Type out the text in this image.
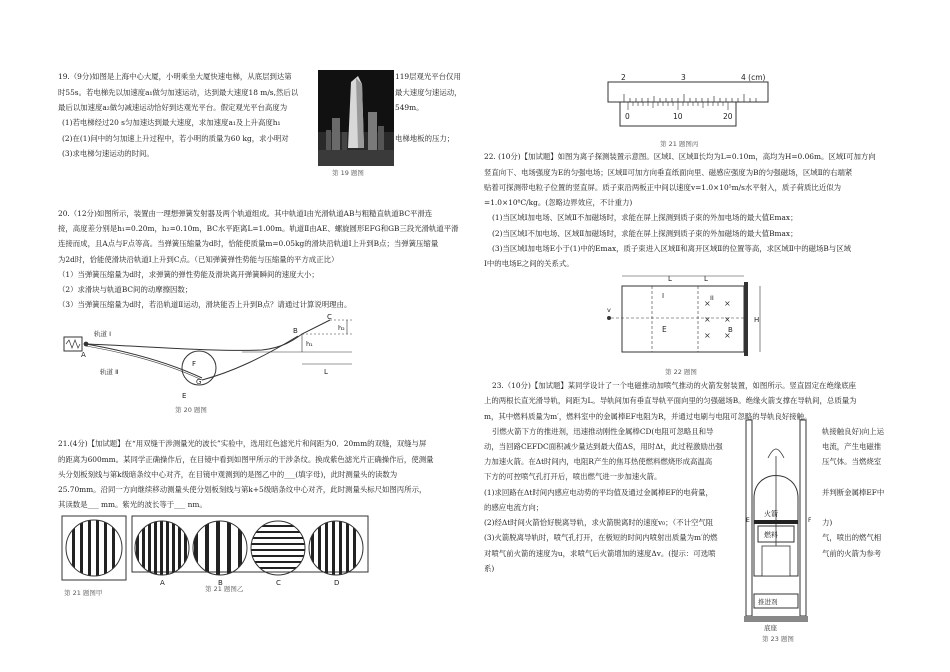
19.（9分)如图是上海中心大厦，小明乘坐大厦快速电梯，从底层到达第

时55s。若电梯先以加速度a₁做匀加速运动，达到最大速度18 m/s,然后以

最后以加速度a₂做匀减速运动恰好到达观光平台。假定观光平台高度为

(1)若电梯经过20 s匀加速达到最大速度，求加速度a₁及上升高度h₁

(2)在(1)问中的匀加速上升过程中，若小明的质量为60 kg，求小明对

(3)求电梯匀速运动的时间。

119层观光平台仅用

最大速度匀速运动，

549m。

电梯地板的压力；

第 19 题图

20.（12分)如图所示，装置由一理想弹簧发射器及两个轨道组成。其中轨道Ⅰ由光滑轨道AB与粗糙直轨道BC平滑连

接，高度差分别是h₁=0.20m，h₂=0.10m，BC水平距离L=1.00m。轨道Ⅱ由AE、螺旋圆形EFG和GB三段光滑轨道平滑

连接而成，且A点与F点等高。当弹簧压缩量为d时，恰能使质量m=0.05kg的滑块沿轨道Ⅰ上升到B点；当弹簧压缩量

为2d时，恰能使滑块沿轨道Ⅰ上升到C点。（已知弹簧弹性势能与压缩量的平方成正比）

（1）当弹簧压缩量为d时，求弹簧的弹性势能及滑块离开弹簧瞬间的速度大小；

（2）求滑块与轨道BC间的动摩擦因数；

（3）当弹簧压缩量为d时，若沿轨道Ⅱ运动，滑块能否上升到B点？请通过计算说明理由。

A
轨道 Ⅰ
轨道 Ⅱ
F
G
E
B
C
h₂
h₁
L
第 20 题图

21.(4分)【加试题】在“用双缝干涉测量光的波长”实验中，选用红色滤光片和间距为0．20mm的双缝，双缝与屏

的距离为600mm。某同学正确操作后，在目镜中看到如图甲所示的干涉条纹。换成紫色滤光片正确操作后，使测量

头分划板刻线与第k级暗条纹中心对齐，在目镜中观测到的是图乙中的___(填字母)，此时测量头的读数为

25.70mm。沿同一方向继续移动测量头使分划板刻线与第k+5级暗条纹中心对齐，此时测量头标尺如图丙所示，

其读数是___ mm。紫光的波长等于___ nm。

A	B	C	D
第 21 题图甲	第 21 题图乙
2	3	4 (cm)
0	10	20
第 21 题图丙

22. (10分)【加试题】如图为离子探测装置示意图。区域Ⅰ、区域Ⅱ长均为L=0.10m，高均为H=0.06m。区域Ⅰ可加方向

竖直向下、电场强度为E的匀强电场；区域Ⅱ可加方向垂直纸面向里、磁感应强度为B的匀强磁场，区域Ⅱ的右端紧

贴着可探测带电粒子位置的竖直屏。质子束沿两板正中间以速度v=1.0×10⁵m/s水平射入，质子荷质比近似为

=1.0×10⁸C/kg。(忽略边界效应，不计重力)

(1)当区域Ⅰ加电场、区域Ⅱ不加磁场时，求能在屏上探测到质子束的外加电场的最大值Emax；

(2)当区域Ⅰ不加电场、区域Ⅱ加磁场时，求能在屏上探测到质子束的外加磁场的最大值Bmax；

(3)当区域Ⅰ加电场E小于(1)中的Emax，质子束进入区域Ⅱ和离开区域Ⅱ的位置等高，求区域Ⅱ中的磁场B与区域

Ⅰ中的电场E之间的关系式。

L	L
v
I
E
II
B
× ×
× ×
× ×
H
第 22 题图

23.（10分)【加试题】某同学设计了一个电磁推动加喷气推动的火箭发射装置，如图所示。竖直固定在绝缘底座

上的两根长直光滑导轨，间距为L。导轨间加有垂直导轨平面向里的匀强磁场B。绝缘火箭支撑在导轨间，总质量为

m，其中燃料质量为m′，燃料室中的金属棒EF电阻为R，并通过电刷与电阻可忽略的导轨良好接触。

引燃火箭下方的推进剂，迅速推动刚性金属棒CD(电阻可忽略且和导

动，当回路CEFDC面积减少量达到最大值ΔS，用时Δt，此过程激励出强

力加速火箭。在Δt时间内，电阻R产生的焦耳热使燃料燃烧形成高温高

下方的可控喷气孔打开后，喷出燃气进一步加速火箭。

(1)求回路在Δt时间内感应电动势的平均值及通过金属棒EF的电荷量，

的感应电流方向；

(2)经Δt时间火箭恰好脱离导轨，求火箭脱离时的速度v₀；（不计空气阻

(3)火箭脱离导轨时，喷气孔打开，在极短的时间内喷射出质量为m′的燃

对喷气前火箭的速度为u，求喷气后火箭增加的速度Δv。(提示：可选喷

系)

轨接触良好)向上运

电流，产生电磁推

压气体。当燃烧室

并判断金属棒EF中

力)

气，喷出的燃气相

气前的火箭为参考

火箭
E	F
燃料
推进剂
底座
第 23 题图
